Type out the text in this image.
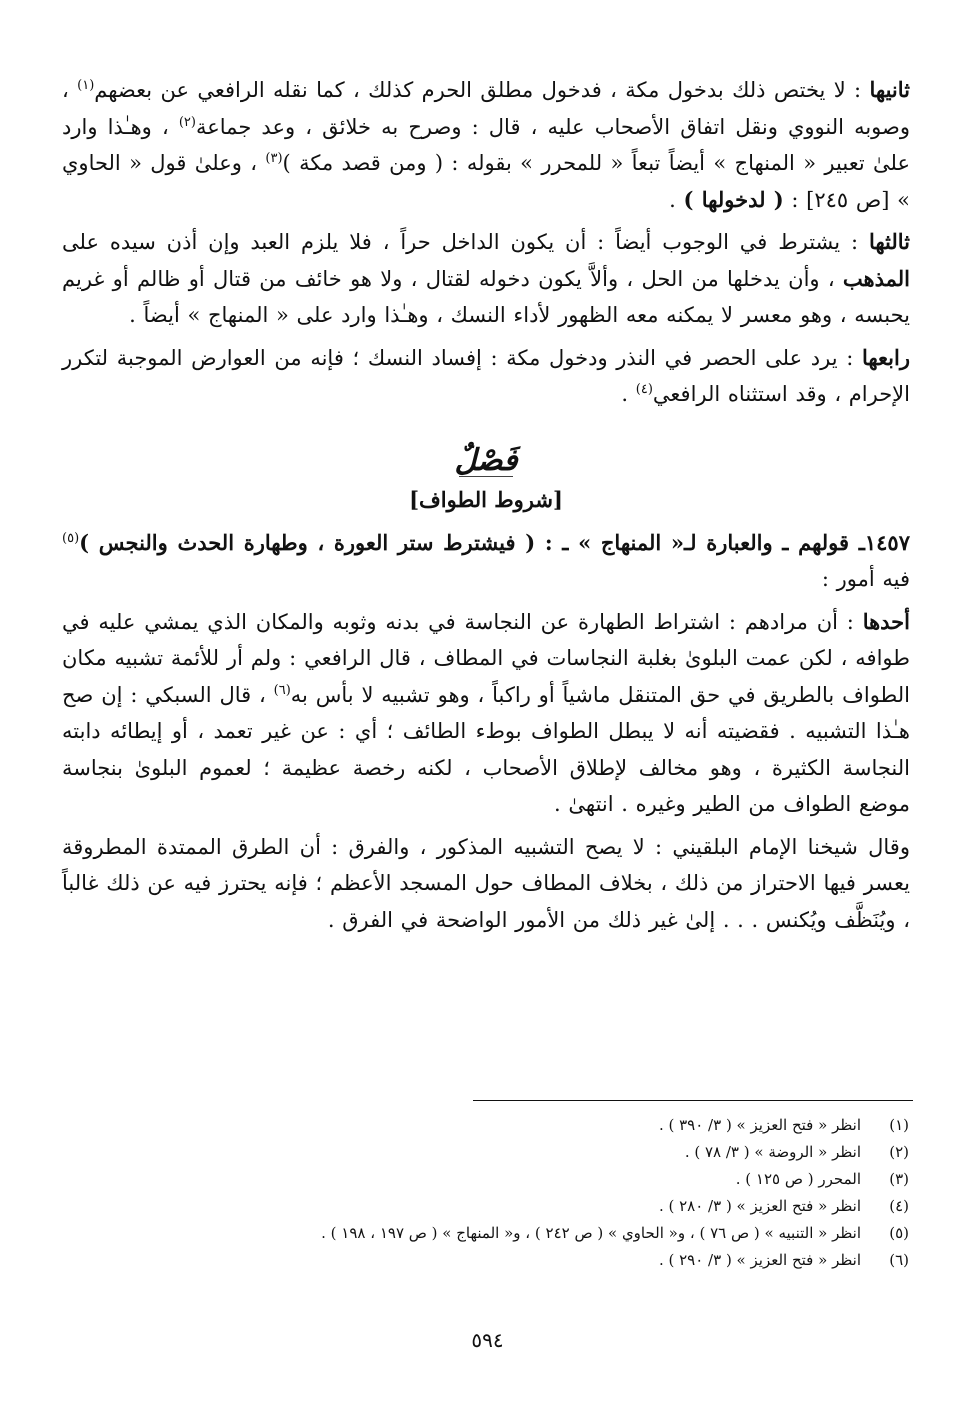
ثانيها : لا يختص ذلك بدخول مكة ، فدخول مطلق الحرم كذلك ، كما نقله الرافعي عن بعضهم$^{(١)}$ ، وصوبه النووي ونقل اتفاق الأصحاب عليه ، قال : وصرح به خلائق ، وعد جماعة$^{(٢)}$ ، وهـٰذا وارد علىٰ تعبير « المنهاج » أيضاً تبعاً « للمحرر » بقوله : ( ومن قصد مكة )$^{(٣)}$ ، وعلىٰ قول « الحاوي » [ص ٢٤٥] : ( لدخولها ) .

ثالثها : يشترط في الوجوب أيضاً : أن يكون الداخل حراً ، فلا يلزم العبد وإن أذن سيده على المذهب ، وأن يدخلها من الحل ، وألاَّ يكون دخوله لقتال ، ولا هو خائف من قتال أو ظالم أو غريم يحبسه ، وهو معسر لا يمكنه معه الظهور لأداء النسك ، وهـٰذا وارد على « المنهاج » أيضاً .

رابعها : يرد على الحصر في النذر ودخول مكة : إفساد النسك ؛ فإنه من العوارض الموجبة لتكرر الإحرام ، وقد استثناه الرافعي$^{(٤)}$ .

فَصْلٌ
[شروط الطواف]

١٤٥٧ـ قولهم ـ والعبارة لـ« المنهاج » ـ : ( فيشترط ستر العورة ، وطهارة الحدث والنجس )$^{(٥)}$ فيه أمور :

أحدها : أن مرادهم : اشتراط الطهارة عن النجاسة في بدنه وثوبه والمكان الذي يمشي عليه في طوافه ، لكن عمت البلوىٰ بغلبة النجاسات في المطاف ، قال الرافعي : ولم أر للأئمة تشبيه مكان الطواف بالطريق في حق المتنقل ماشياً أو راكباً ، وهو تشبيه لا بأس به$^{(٦)}$ ، قال السبكي : إن صح هـٰذا التشبيه . فقضيته أنه لا يبطل الطواف بوطء الطائف ؛ أي : عن غير تعمد ، أو إيطائه دابته النجاسة الكثيرة ، وهو مخالف لإطلاق الأصحاب ، لكنه رخصة عظيمة ؛ لعموم البلوىٰ بنجاسة موضع الطواف من الطير وغيره . انتهىٰ .

وقال شيخنا الإمام البلقيني : لا يصح التشبيه المذكور ، والفرق : أن الطرق الممتدة المطروقة يعسر فيها الاحتراز من ذلك ، بخلاف المطاف حول المسجد الأعظم ؛ فإنه يحترز فيه عن ذلك غالباً ، ويُنَظَّف ويُكنس . . . إلىٰ غير ذلك من الأمور الواضحة في الفرق .

(١)
انظر « فتح العزيز » ( ٣/ ٣٩٠ ) .
(٢)
انظر « الروضة » ( ٣/ ٧٨ ) .
(٣)
المحرر ( ص ١٢٥ ) .
(٤)
انظر « فتح العزيز » ( ٣/ ٢٨٠ ) .
(٥)
انظر « التنبيه » ( ص ٧٦ ) ، و« الحاوي » ( ص ٢٤٢ ) ، و« المنهاج » ( ص ١٩٧ ، ١٩٨ ) .
(٦)
انظر « فتح العزيز » ( ٣/ ٢٩٠ ) .
٥٩٤
